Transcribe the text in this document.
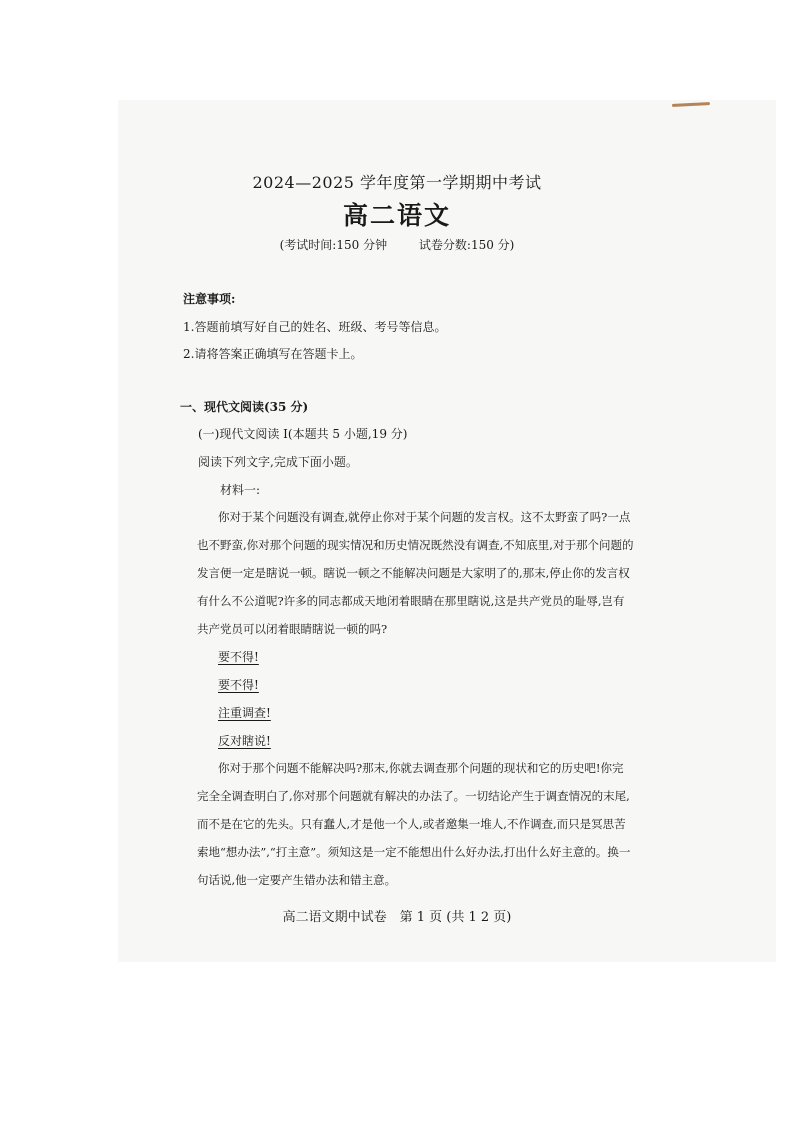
2024—2025 学年度第一学期期中考试
高二语文
(考试时间:150 分钟	试卷分数:150 分)
注意事项:
1.答题前填写好自己的姓名、班级、考号等信息。
2.请将答案正确填写在答题卡上。
一、现代文阅读(35 分)
(一)现代文阅读 I(本题共 5 小题,19 分)
阅读下列文字,完成下面小题。
材料一:
你对于某个问题没有调查,就停止你对于某个问题的发言权。这不太野蛮了吗?一点
也不野蛮,你对那个问题的现实情况和历史情况既然没有调查,不知底里,对于那个问题的
发言便一定是瞎说一顿。瞎说一顿之不能解决问题是大家明了的,那末,停止你的发言权
有什么不公道呢?许多的同志都成天地闭着眼睛在那里瞎说,这是共产党员的耻辱,岂有
共产党员可以闭着眼睛瞎说一顿的吗?
要不得!
要不得!
注重调查!
反对瞎说!
你对于那个问题不能解决吗?那末,你就去调查那个问题的现状和它的历史吧!你完
完全全调查明白了,你对那个问题就有解决的办法了。一切结论产生于调查情况的末尾,
而不是在它的先头。只有蠢人,才是他一个人,或者邀集一堆人,不作调查,而只是冥思苦
索地“想办法”,“打主意”。须知这是一定不能想出什么好办法,打出什么好主意的。换一
句话说,他一定要产生错办法和错主意。
高二语文期中试卷　第 1 页 (共 1 2 页)
